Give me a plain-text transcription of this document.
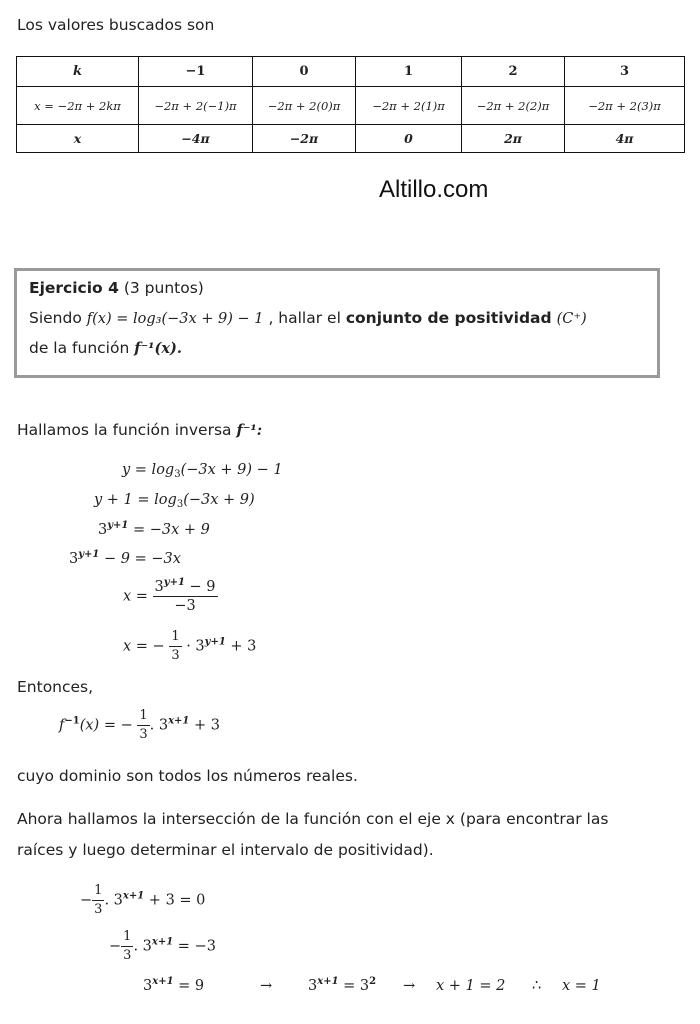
Los valores buscados son
k	−1	0	1	2	3
x = −2π + 2kπ	−2π + 2(−1)π	−2π + 2(0)π	−2π + 2(1)π	−2π + 2(2)π	−2π + 2(3)π
x	−4π	−2π	0	2π	4π
Altillo.com
Ejercicio 4 (3 puntos)
Siendo f(x) = log₃(−3x + 9) − 1 , hallar el conjunto de positividad (C⁺)
de la función f⁻¹(x).
Hallamos la función inversa f⁻¹:
$y = \log_3(-3x + 9) - 1$
$y + 1 = \log_3(-3x + 9)$
$3^{y+1} = -3x + 9$
$3^{y+1} - 9 = -3x$
$x = \frac{3^{y+1} - 9}{-3}$
x = − $\frac{1}{3} \cdot 3^{y+1} + 3$
Entonces,
$f^{-1}(x)$ = − $\frac{1}{3}$ . $3^{x+1} + 3$
cuyo dominio son todos los números reales.
Ahora hallamos la intersección de la función con el eje x (para encontrar las
raíces y luego determinar el intervalo de positividad).
− $\frac{1}{3}$ . $3^{x+1} + 3 = 0$
− $\frac{1}{3}$ . $3^{x+1} = -3$
$3^{x+1} = 9$	→ $3^{x+1} = 3^2 \to x + 1 = 2$ ∴ x = 1
